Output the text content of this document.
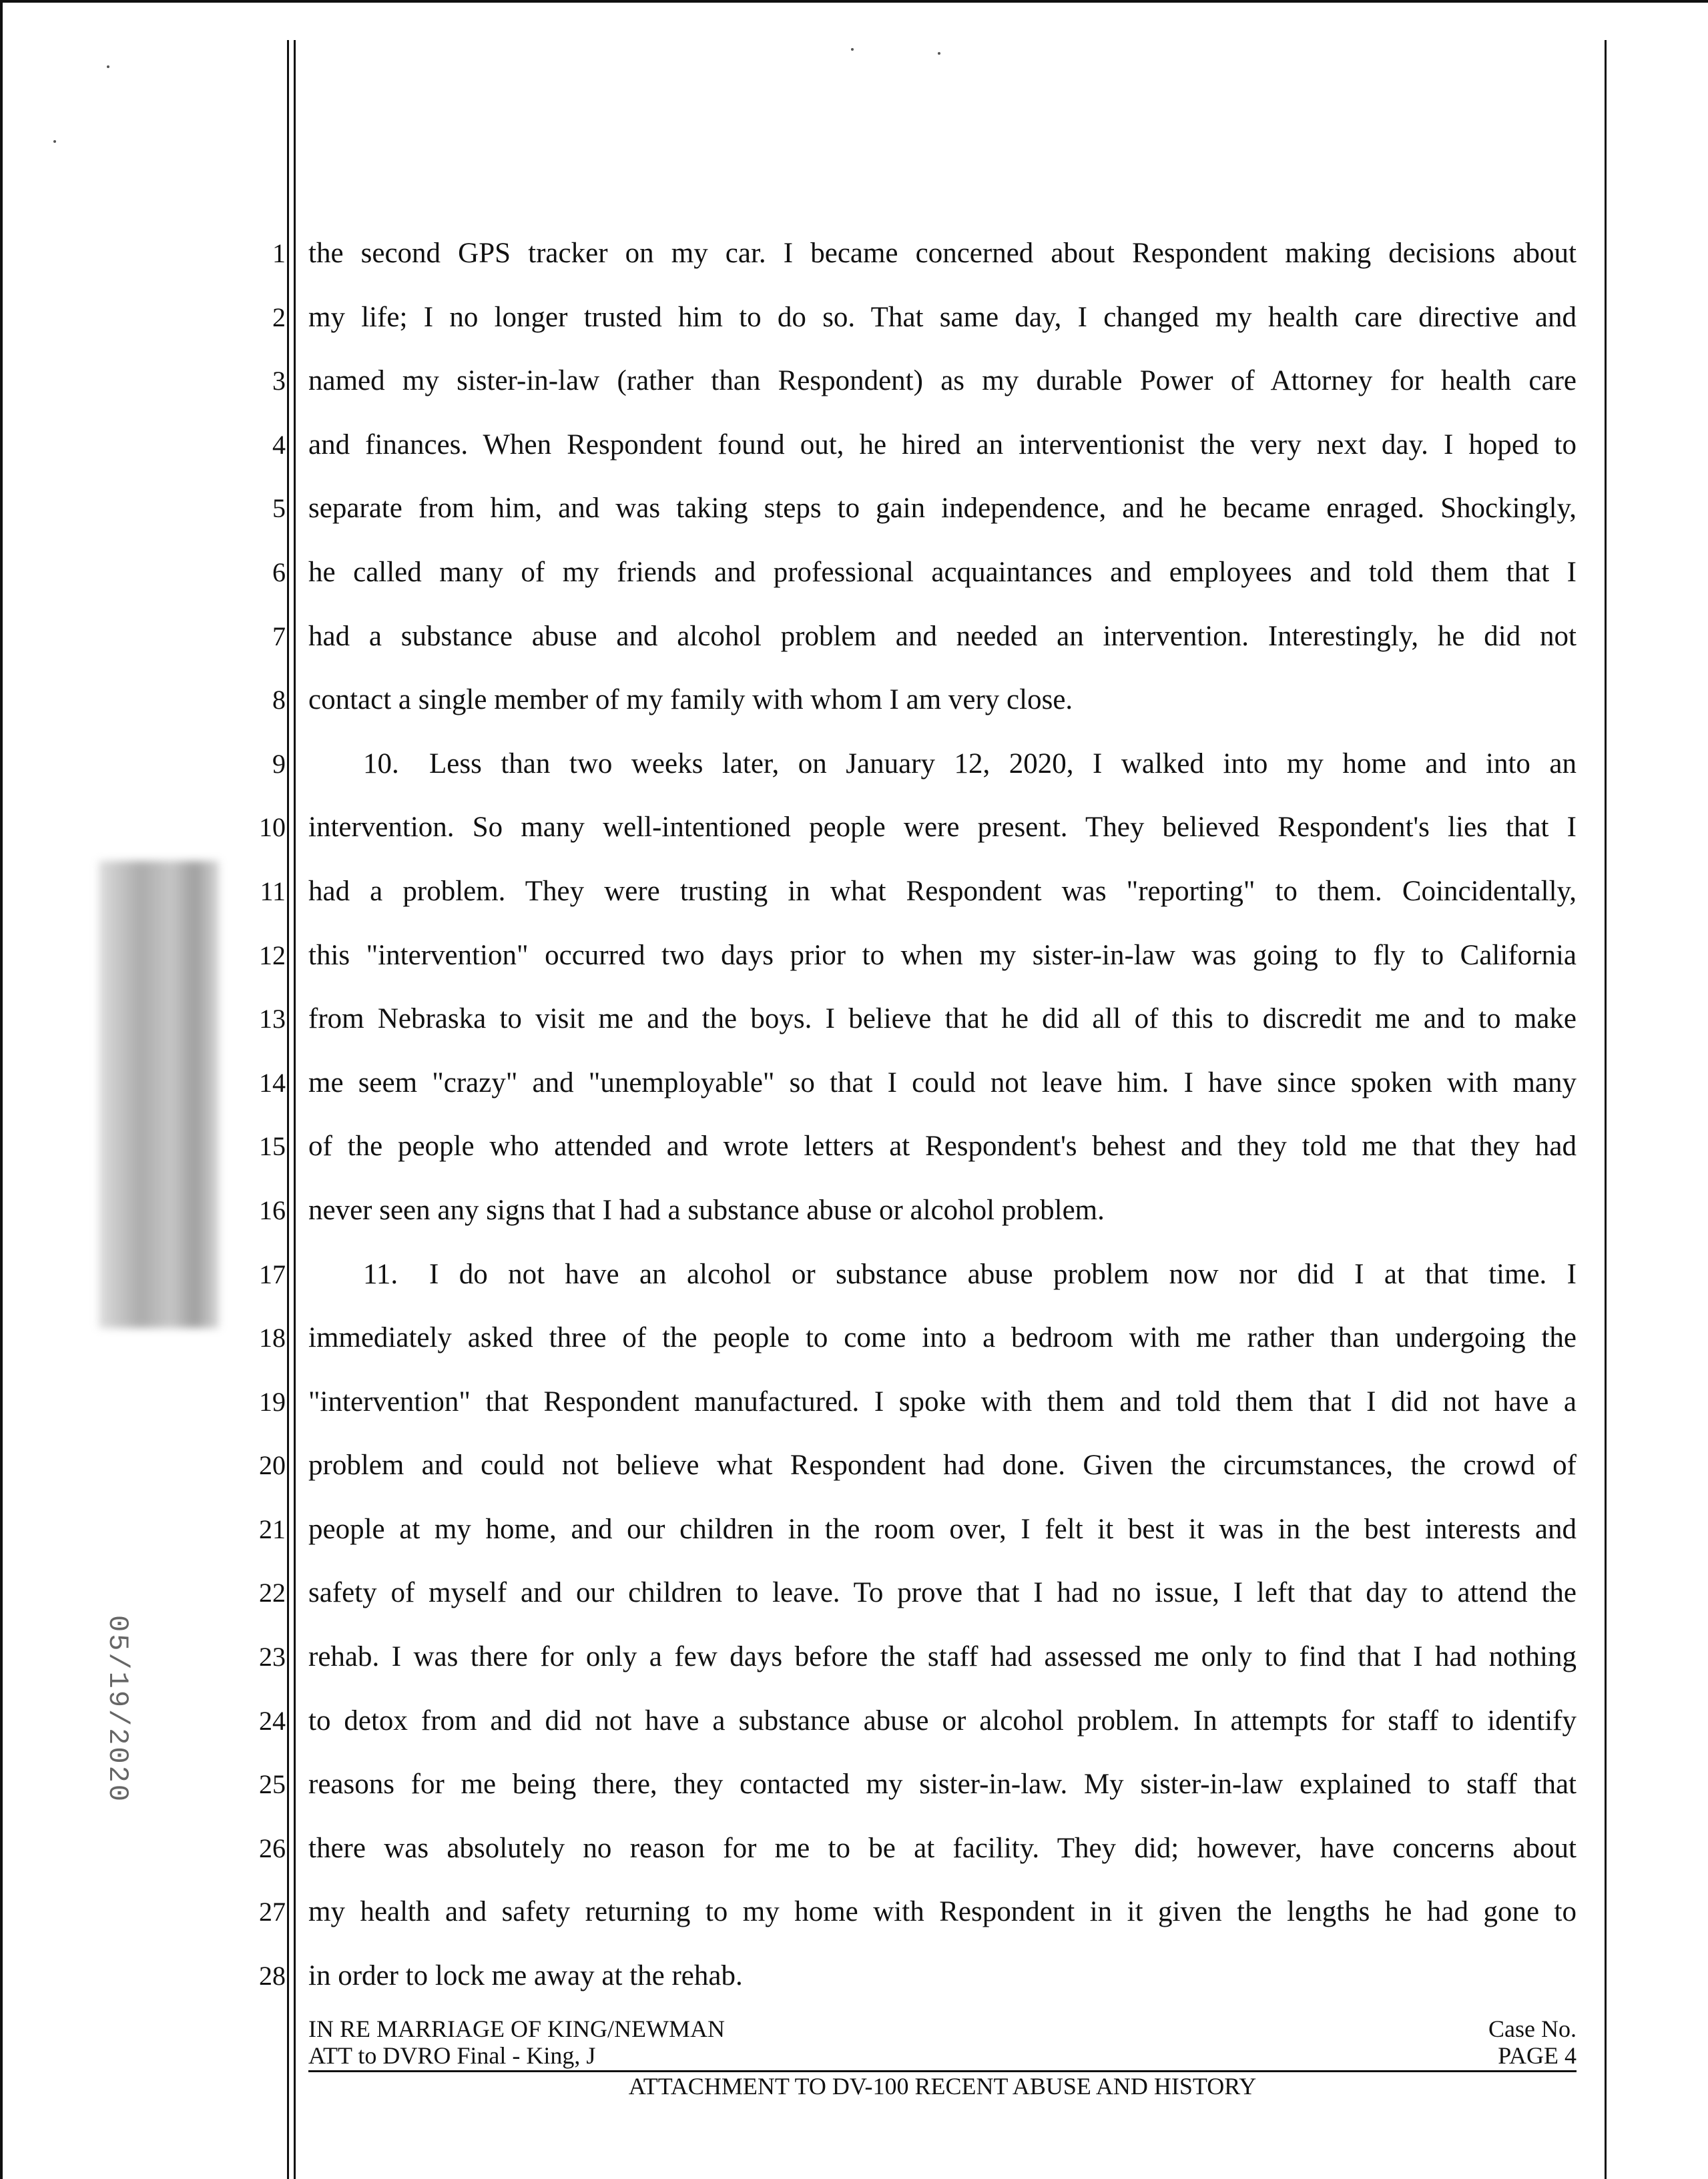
05/19/2020
1
2
3
4
5
6
7
8
9
10
11
12
13
14
15
16
17
18
19
20
21
22
23
24
25
26
27
28
the second GPS tracker on my car. I became concerned about Respondent making decisions about
my life; I no longer trusted him to do so. That same day, I changed my health care directive and
named my sister-in-law (rather than Respondent) as my durable Power of Attorney for health care
and finances. When Respondent found out, he hired an interventionist the very next day. I hoped to
separate from him, and was taking steps to gain independence, and he became enraged. Shockingly,
he called many of my friends and professional acquaintances and employees and told them that I
had a substance abuse and alcohol problem and needed an intervention. Interestingly, he did not
contact a single member of my family with whom I am very close.
10. Less than two weeks later, on January 12, 2020, I walked into my home and into an
intervention. So many well-intentioned people were present. They believed Respondent's lies that I
had a problem. They were trusting in what Respondent was "reporting" to them. Coincidentally,
this "intervention" occurred two days prior to when my sister-in-law was going to fly to California
from Nebraska to visit me and the boys. I believe that he did all of this to discredit me and to make
me seem "crazy" and "unemployable" so that I could not leave him. I have since spoken with many
of the people who attended and wrote letters at Respondent's behest and they told me that they had
never seen any signs that I had a substance abuse or alcohol problem.
11. I do not have an alcohol or substance abuse problem now nor did I at that time. I
immediately asked three of the people to come into a bedroom with me rather than undergoing the
"intervention" that Respondent manufactured. I spoke with them and told them that I did not have a
problem and could not believe what Respondent had done. Given the circumstances, the crowd of
people at my home, and our children in the room over, I felt it best it was in the best interests and
safety of myself and our children to leave. To prove that I had no issue, I left that day to attend the
rehab. I was there for only a few days before the staff had assessed me only to find that I had nothing
to detox from and did not have a substance abuse or alcohol problem. In attempts for staff to identify
reasons for me being there, they contacted my sister-in-law. My sister-in-law explained to staff that
there was absolutely no reason for me to be at facility. They did; however, have concerns about
my health and safety returning to my home with Respondent in it given the lengths he had gone to
in order to lock me away at the rehab.
IN RE MARRIAGE OF KING/NEWMAN	Case No.
ATT to DVRO Final - King, J	PAGE 4
ATTACHMENT TO DV-100 RECENT ABUSE AND HISTORY
